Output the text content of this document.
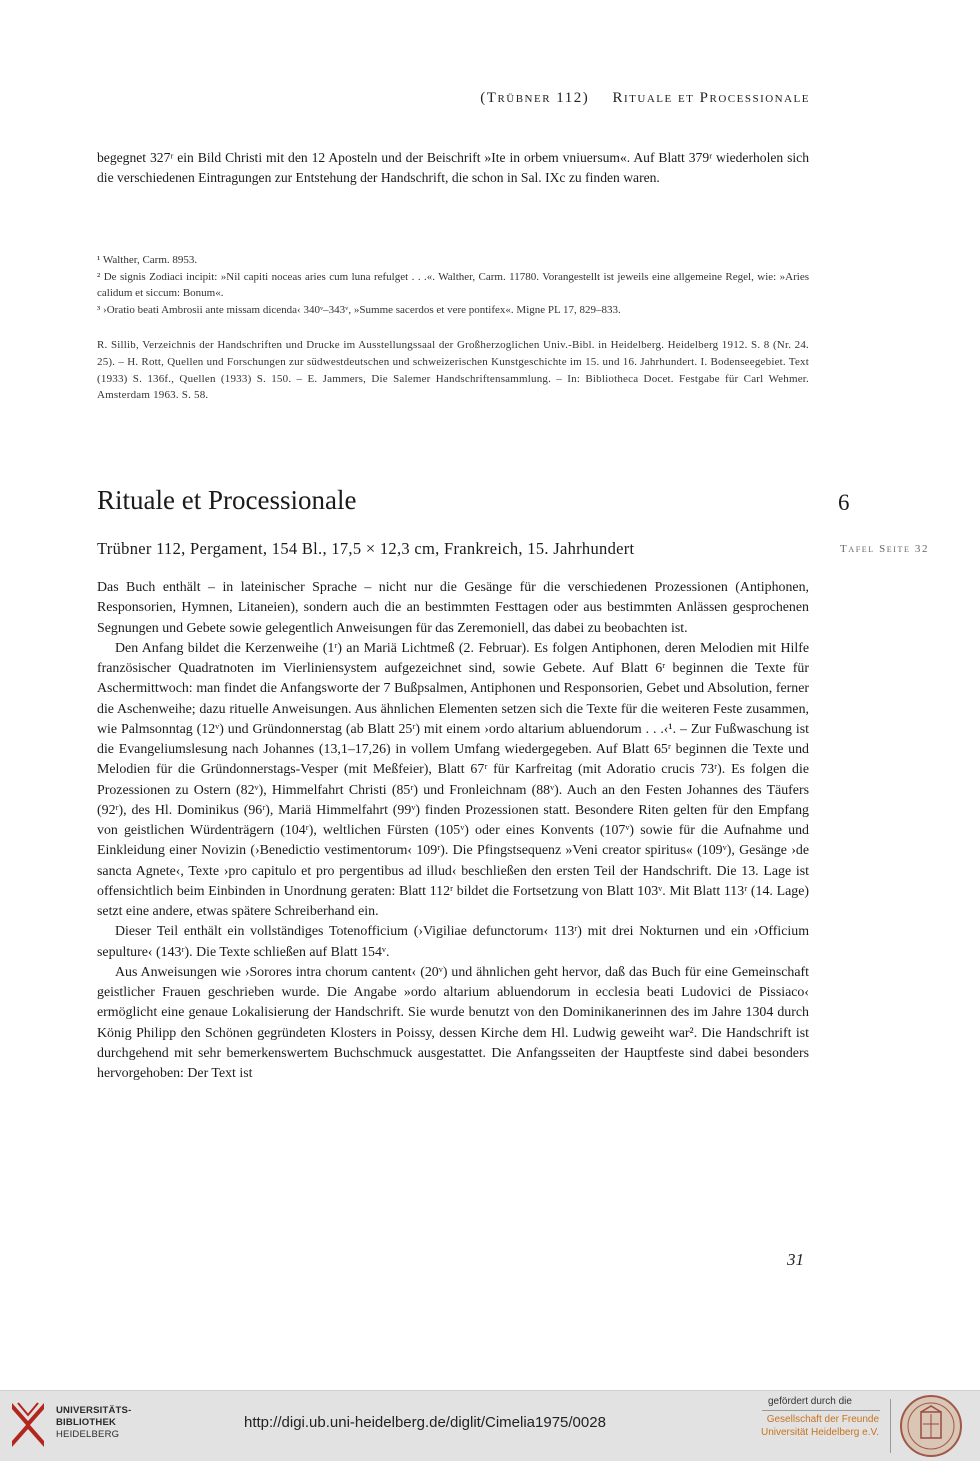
(Trübner 112) Rituale et Processionale
begegnet 327ʳ ein Bild Christi mit den 12 Aposteln und der Beischrift »Ite in orbem vniuersum«. Auf Blatt 379ʳ wiederholen sich die verschiedenen Eintragungen zur Entstehung der Handschrift, die schon in Sal. IXc zu finden waren.

¹ Walther, Carm. 8953.

² De signis Zodiaci incipit: »Nil capiti noceas aries cum luna refulget . . .«. Walther, Carm. 11780. Vorangestellt ist jeweils eine allgemeine Regel, wie: »Aries calidum et siccum: Bonum«.

³ ›Oratio beati Ambrosii ante missam dicenda‹ 340ᵛ–343ᵛ, »Summe sacerdos et vere pontifex«. Migne PL 17, 829–833.

R. Sillib, Verzeichnis der Handschriften und Drucke im Ausstellungssaal der Großherzoglichen Univ.-Bibl. in Heidelberg. Heidelberg 1912. S. 8 (Nr. 24. 25). – H. Rott, Quellen und Forschungen zur südwestdeutschen und schweizerischen Kunstgeschichte im 15. und 16. Jahrhundert. I. Bodenseegebiet. Text (1933) S. 136f., Quellen (1933) S. 150. – E. Jammers, Die Salemer Handschriftensammlung. – In: Bibliotheca Docet. Festgabe für Carl Wehmer. Amsterdam 1963. S. 58.
Rituale et Processionale	6
Trübner 112, Pergament, 154 Bl., 17,5 × 12,3 cm, Frankreich, 15. Jahrhundert	Tafel Seite 32

Das Buch enthält – in lateinischer Sprache – nicht nur die Gesänge für die verschiedenen Prozessionen (Antiphonen, Responsorien, Hymnen, Litaneien), sondern auch die an bestimmten Festtagen oder aus bestimmten Anlässen gesprochenen Segnungen und Gebete sowie gelegentlich Anweisungen für das Zeremoniell, das dabei zu beobachten ist.

Den Anfang bildet die Kerzenweihe (1ʳ) an Mariä Lichtmeß (2. Februar). Es folgen Antiphonen, deren Melodien mit Hilfe französischer Quadratnoten im Vierliniensystem aufgezeichnet sind, sowie Gebete. Auf Blatt 6ʳ beginnen die Texte für Aschermittwoch: man findet die Anfangsworte der 7 Bußpsalmen, Antiphonen und Responsorien, Gebet und Absolution, ferner die Aschenweihe; dazu rituelle Anweisungen. Aus ähnlichen Elementen setzen sich die Texte für die weiteren Feste zusammen, wie Palmsonntag (12ᵛ) und Gründonnerstag (ab Blatt 25ʳ) mit einem ›ordo altarium abluendorum . . .‹¹. – Zur Fußwaschung ist die Evangeliumslesung nach Johannes (13,1–17,26) in vollem Umfang wiedergegeben. Auf Blatt 65ʳ beginnen die Texte und Melodien für die Gründonnerstags-Vesper (mit Meßfeier), Blatt 67ʳ für Karfreitag (mit Adoratio crucis 73ʳ). Es folgen die Prozessionen zu Ostern (82ᵛ), Himmelfahrt Christi (85ʳ) und Fronleichnam (88ᵛ). Auch an den Festen Johannes des Täufers (92ʳ), des Hl. Dominikus (96ʳ), Mariä Himmelfahrt (99ᵛ) finden Prozessionen statt. Besondere Riten gelten für den Empfang von geistlichen Würdenträgern (104ʳ), weltlichen Fürsten (105ᵛ) oder eines Konvents (107ᵛ) sowie für die Aufnahme und Einkleidung einer Novizin (›Benedictio vestimentorum‹ 109ʳ). Die Pfingstsequenz »Veni creator spiritus« (109ᵛ), Gesänge ›de sancta Agnete‹, Texte ›pro capitulo et pro pergentibus ad illud‹ beschließen den ersten Teil der Handschrift. Die 13. Lage ist offensichtlich beim Einbinden in Unordnung geraten: Blatt 112ʳ bildet die Fortsetzung von Blatt 103ᵛ. Mit Blatt 113ʳ (14. Lage) setzt eine andere, etwas spätere Schreiberhand ein.

Dieser Teil enthält ein vollständiges Totenofficium (›Vigiliae defunctorum‹ 113ʳ) mit drei Nokturnen und ein ›Officium sepulture‹ (143ʳ). Die Texte schließen auf Blatt 154ᵛ.

Aus Anweisungen wie ›Sorores intra chorum cantent‹ (20ᵛ) und ähnlichen geht hervor, daß das Buch für eine Gemeinschaft geistlicher Frauen geschrieben wurde. Die Angabe »ordo altarium abluendorum in ecclesia beati Ludovici de Pissiaco‹ ermöglicht eine genaue Lokalisierung der Handschrift. Sie wurde benutzt von den Dominikanerinnen des im Jahre 1304 durch König Philipp den Schönen gegründeten Klosters in Poissy, dessen Kirche dem Hl. Ludwig geweiht war². Die Handschrift ist durchgehend mit sehr bemerkenswertem Buchschmuck ausgestattet. Die Anfangsseiten der Hauptfeste sind dabei besonders hervorgehoben: Der Text ist

31
UNIVERSITÄTS-
BIBLIOTHEK
HEIDELBERG
http://digi.ub.uni-heidelberg.de/diglit/Cimelia1975/0028
gefördert durch die
Gesellschaft der Freunde
Universität Heidelberg e.V.
